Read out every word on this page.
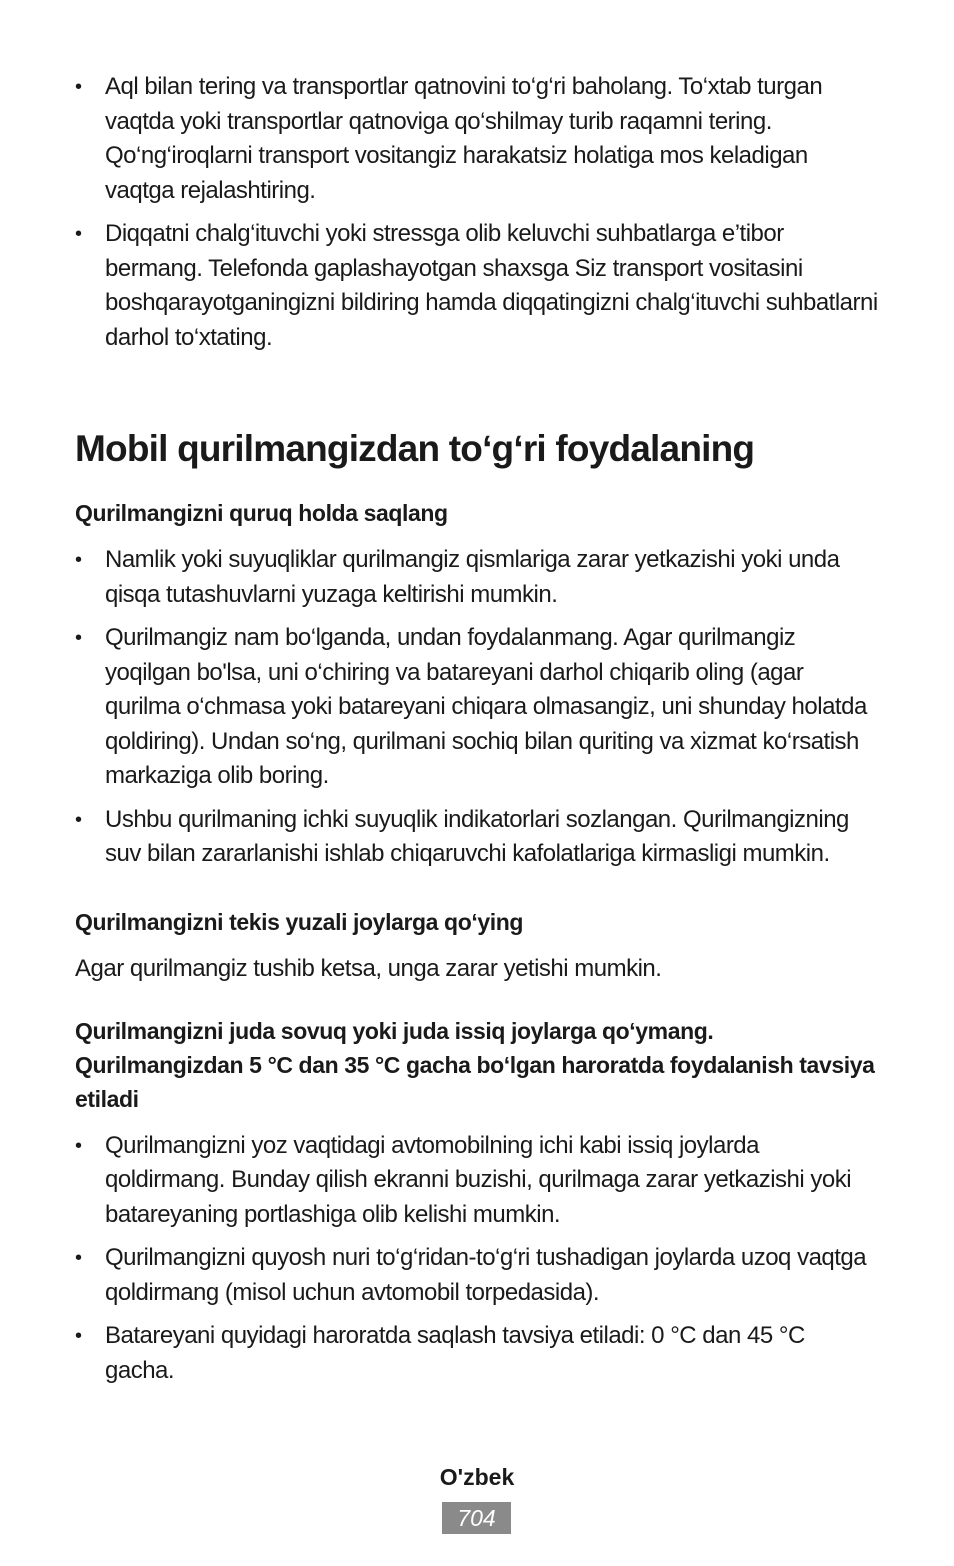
• Aql bilan tering va transportlar qatnovini to‘g‘ri baholang. To‘xtab turgan vaqtda yoki transportlar qatnoviga qo‘shilmay turib raqamni tering. Qo‘ng‘iroqlarni transport vositangiz harakatsiz holatiga mos keladigan vaqtga rejalashtiring.
• Diqqatni chalg‘ituvchi yoki stressga olib keluvchi suhbatlarga e’tibor bermang. Telefonda gaplashayotgan shaxsga Siz transport vositasini boshqarayotganingizni bildiring hamda diqqatingizni chalg‘ituvchi suhbatlarni darhol to‘xtating.
Mobil qurilmangizdan to‘g‘ri foydalaning
Qurilmangizni quruq holda saqlang
• Namlik yoki suyuqliklar qurilmangiz qismlariga zarar yetkazishi yoki unda qisqa tutashuvlarni yuzaga keltirishi mumkin.
• Qurilmangiz nam bo‘lganda, undan foydalanmang. Agar qurilmangiz yoqilgan bo'lsa, uni o‘chiring va batareyani darhol chiqarib oling (agar qurilma o‘chmasa yoki batareyani chiqara olmasangiz, uni shunday holatda qoldiring). Undan so‘ng, qurilmani sochiq bilan quriting va xizmat ko‘rsatish markaziga olib boring.
• Ushbu qurilmaning ichki suyuqlik indikatorlari sozlangan. Qurilmangizning suv bilan zararlanishi ishlab chiqaruvchi kafolatlariga kirmasligi mumkin.
Qurilmangizni tekis yuzali joylarga qo‘ying

Agar qurilmangiz tushib ketsa, unga zarar yetishi mumkin.

Qurilmangizni juda sovuq yoki juda issiq joylarga qo‘ymang. Qurilmangizdan 5 °C dan 35 °C gacha bo‘lgan haroratda foydalanish tavsiya etiladi
• Qurilmangizni yoz vaqtidagi avtomobilning ichi kabi issiq joylarda qoldirmang. Bunday qilish ekranni buzishi, qurilmaga zarar yetkazishi yoki batareyaning portlashiga olib kelishi mumkin.
• Qurilmangizni quyosh nuri to‘g‘ridan-to‘g‘ri tushadigan joylarda uzoq vaqtga qoldirmang (misol uchun avtomobil torpedasida).
• Batareyani quyidagi haroratda saqlash tavsiya etiladi: 0 °C dan 45 °C gacha.
O'zbek
704
